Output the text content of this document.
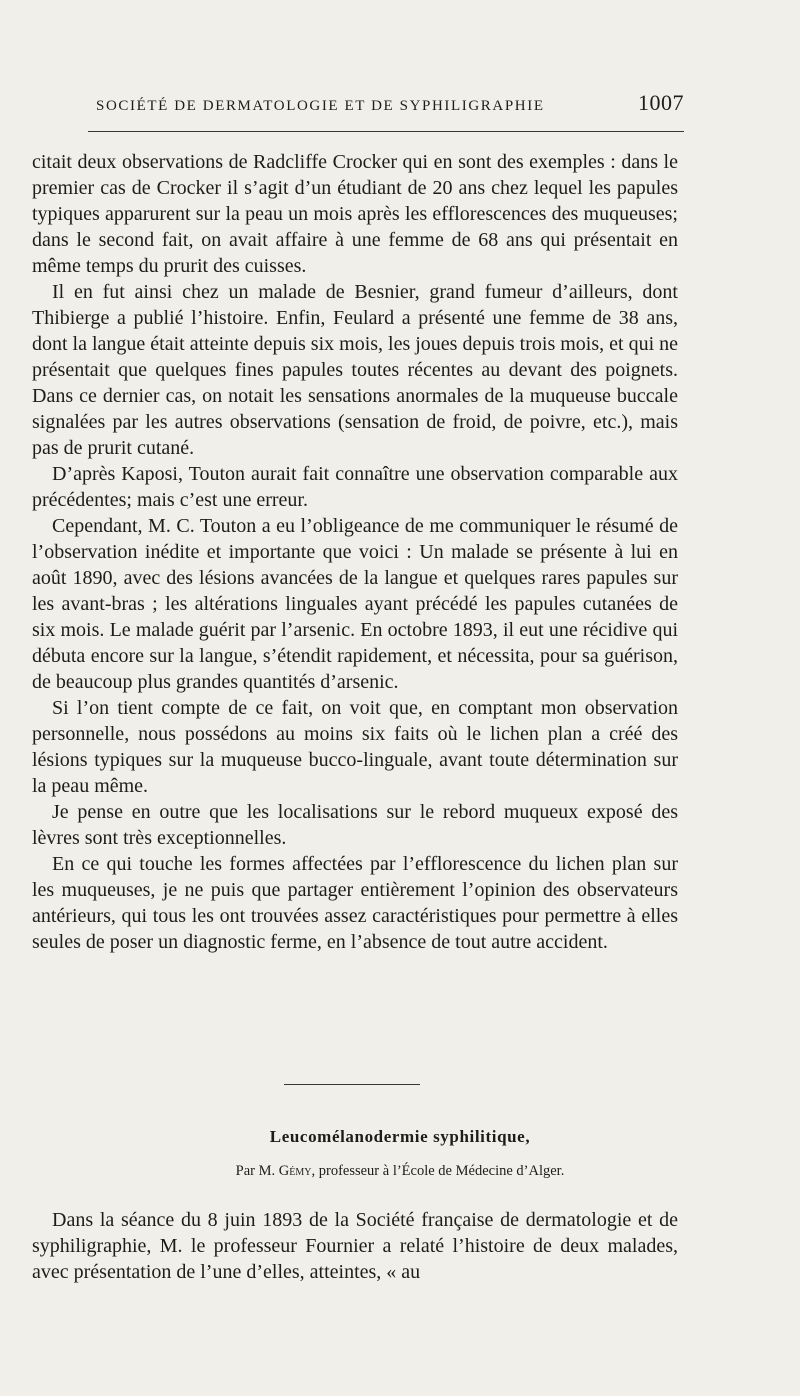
SOCIÉTÉ DE DERMATOLOGIE ET DE SYPHILIGRAPHIE	1007

citait deux observations de Radcliffe Crocker qui en sont des exemples : dans le premier cas de Crocker il s’agit d’un étudiant de 20 ans chez lequel les papules typiques apparurent sur la peau un mois après les efflorescences des muqueuses; dans le second fait, on avait affaire à une femme de 68 ans qui présentait en même temps du prurit des cuisses.

Il en fut ainsi chez un malade de Besnier, grand fumeur d’ailleurs, dont Thibierge a publié l’histoire. Enfin, Feulard a présenté une femme de 38 ans, dont la langue était atteinte depuis six mois, les joues depuis trois mois, et qui ne présentait que quelques fines papules toutes récentes au devant des poignets. Dans ce dernier cas, on notait les sensations anormales de la muqueuse buccale signalées par les autres observations (sensation de froid, de poivre, etc.), mais pas de prurit cutané.

D’après Kaposi, Touton aurait fait connaître une observation comparable aux précédentes; mais c’est une erreur.

Cependant, M. C. Touton a eu l’obligeance de me communiquer le résumé de l’observation inédite et importante que voici : Un malade se présente à lui en août 1890, avec des lésions avancées de la langue et quelques rares papules sur les avant-bras ; les altérations linguales ayant précédé les papules cutanées de six mois. Le malade guérit par l’arsenic. En octobre 1893, il eut une récidive qui débuta encore sur la langue, s’étendit rapidement, et nécessita, pour sa guérison, de beaucoup plus grandes quantités d’arsenic.

Si l’on tient compte de ce fait, on voit que, en comptant mon observation personnelle, nous possédons au moins six faits où le lichen plan a créé des lésions typiques sur la muqueuse bucco-linguale, avant toute détermination sur la peau même.

Je pense en outre que les localisations sur le rebord muqueux exposé des lèvres sont très exceptionnelles.

En ce qui touche les formes affectées par l’efflorescence du lichen plan sur les muqueuses, je ne puis que partager entièrement l’opinion des observateurs antérieurs, qui tous les ont trouvées assez caractéristiques pour permettre à elles seules de poser un diagnostic ferme, en l’absence de tout autre accident.

Leucomélanodermie syphilitique,
Par M. Gémy, professeur à l’École de Médecine d’Alger.

Dans la séance du 8 juin 1893 de la Société française de dermatologie et de syphiligraphie, M. le professeur Fournier a relaté l’histoire de deux malades, avec présentation de l’une d’elles, atteintes, « au
